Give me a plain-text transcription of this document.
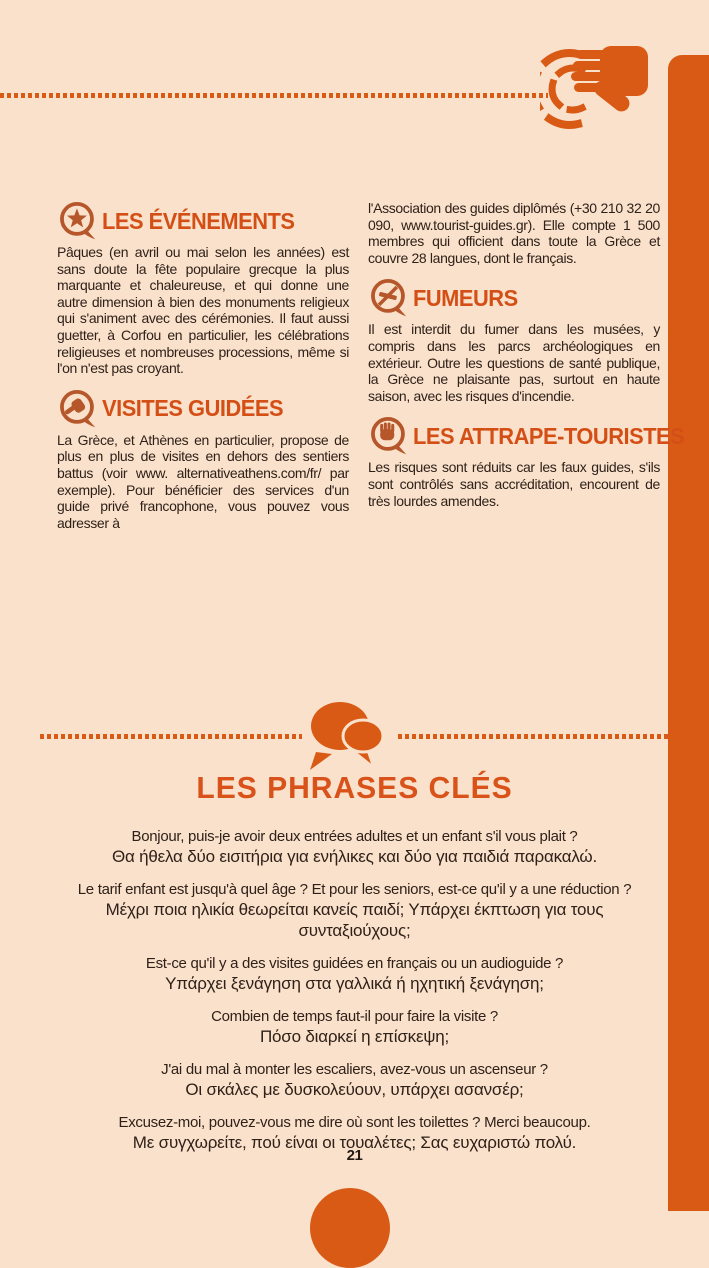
LES ÉVÉNEMENTS
Pâques (en avril ou mai selon les années) est sans doute la fête populaire grecque la plus marquante et chaleureuse, et qui donne une autre dimension à bien des monuments religieux qui s'animent avec des cérémonies. Il faut aussi guetter, à Corfou en particulier, les célébrations religieuses et nombreuses processions, même si l'on n'est pas croyant.
VISITES GUIDÉES
La Grèce, et Athènes en particulier, propose de plus en plus de visites en dehors des sentiers battus (voir www. alternativeathens.com/fr/ par exemple). Pour bénéficier des services d'un guide privé francophone, vous pouvez vous adresser à
l'Association des guides diplômés (+30 210 32 20 090, www.tourist-guides.gr). Elle compte 1 500 membres qui officient dans toute la Grèce et couvre 28 langues, dont le français.
FUMEURS
Il est interdit du fumer dans les musées, y compris dans les parcs archéologiques en extérieur. Outre les questions de santé publique, la Grèce ne plaisante pas, surtout en haute saison, avec les risques d'incendie.
LES ATTRAPE-TOURISTES
Les risques sont réduits car les faux guides, s'ils sont contrôlés sans accréditation, encourent de très lourdes amendes.
LES PHRASES CLÉS
Bonjour, puis-je avoir deux entrées adultes et un enfant s'il vous plait ?
Θα ήθελα δύο εισιτήρια για ενήλικες και δύο για παιδιά παρακαλώ.
Le tarif enfant est jusqu'à quel âge ? Et pour les seniors, est-ce qu'il y a une réduction ?
Μέχρι ποια ηλικία θεωρείται κανείς παιδί; Υπάρχει έκπτωση για τους συνταξιούχους;
Est-ce qu'il y a des visites guidées en français ou un audioguide ?
Υπάρχει ξενάγηση στα γαλλικά ή ηχητική ξενάγηση;
Combien de temps faut-il pour faire la visite ?
Πόσο διαρκεί η επίσκεψη;
J'ai du mal à monter les escaliers, avez-vous un ascenseur ?
Οι σκάλες με δυσκολεύουν, υπάρχει ασανσέρ;
Excusez-moi, pouvez-vous me dire où sont les toilettes ? Merci beaucoup.
Με συγχωρείτε, πού είναι οι τουαλέτες; Σας ευχαριστώ πολύ.
21
